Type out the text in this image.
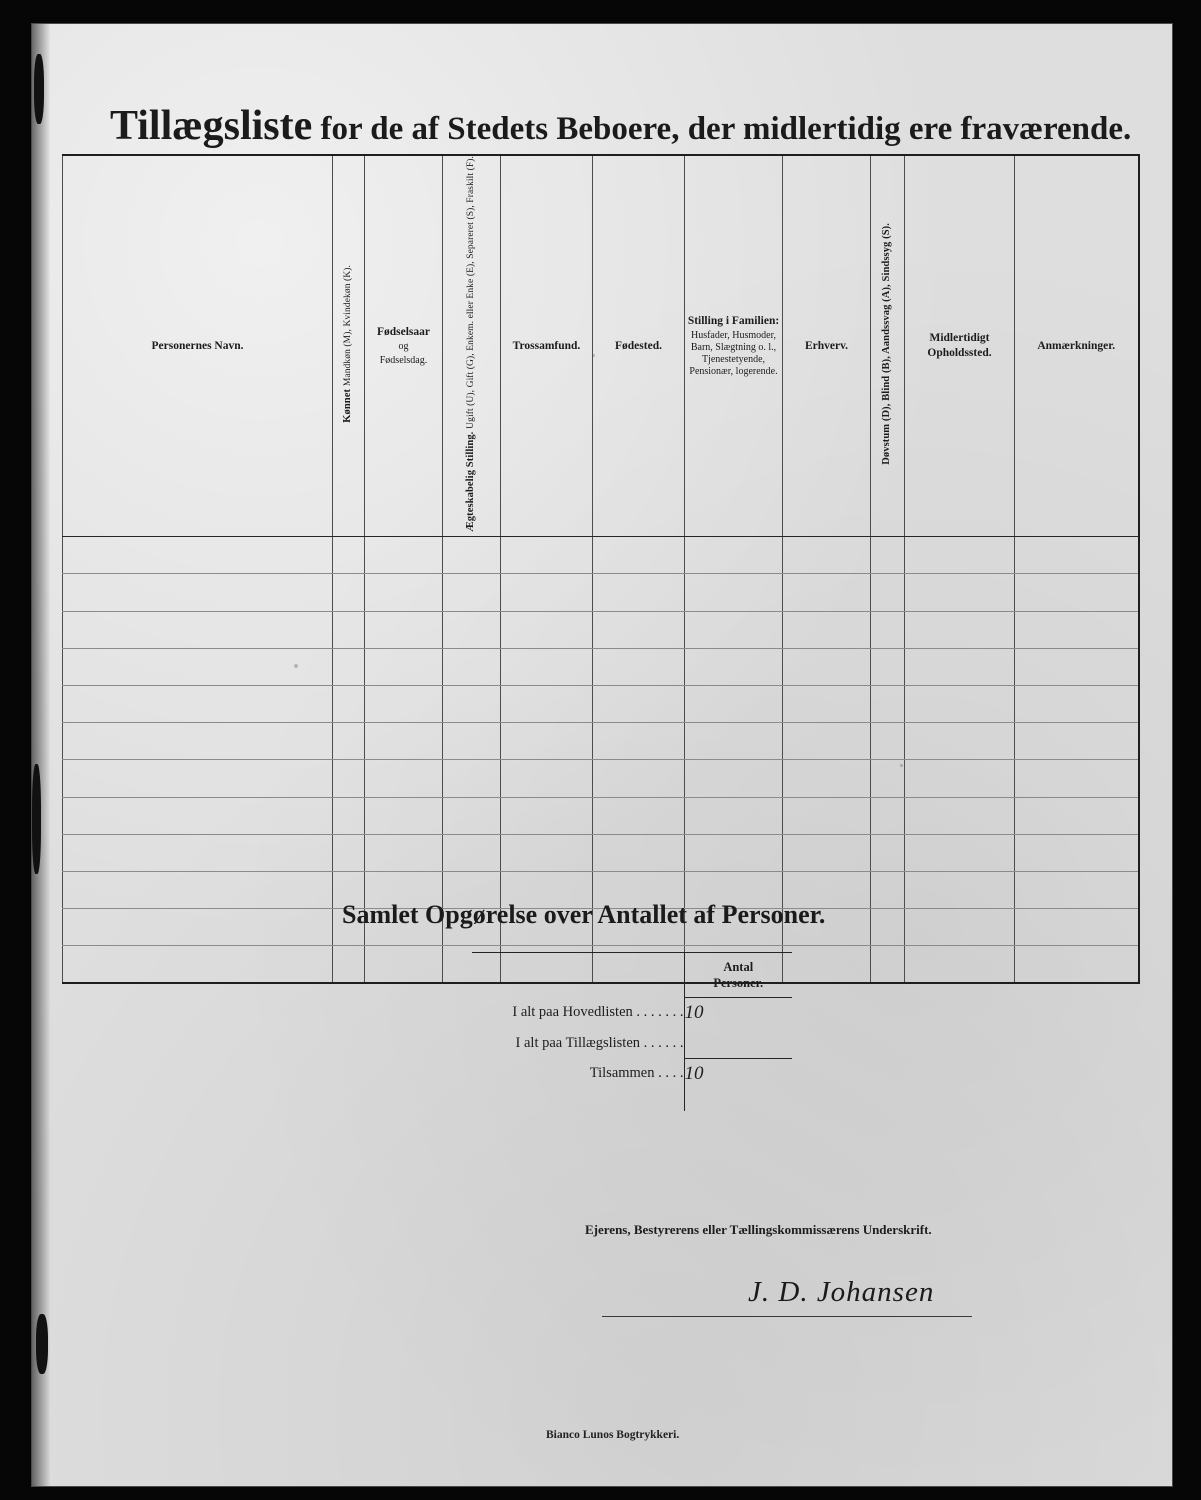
Tillægsliste for de af Stedets Beboere, der midlertidig ere fraværende.
Personernes Navn.	Kønnet Mandkøn (M), Kvindekøn (K).	Fødselsaar
og
Fødselsdag.	Ægteskabelig Stilling. Ugift (U), Gift (G), Enkem. eller Enke (E), Separeret (S), Fraskilt (F).	Trossamfund.	Fødested.	Stilling i Familien:
Husfader, Husmoder, Barn, Slægtning o. l., Tjenestetyende, Pensionær, logerende.	Erhverv.	Døvstum (D), Blind (B), Aandssvag (A), Sindssyg (S).	Midlertidigt
Opholdssted.	Anmærkninger.

Samlet Opgørelse over Antallet af Personer.
	Antal
Personer.
I alt paa Hovedlisten . . . . . . .	10
I alt paa Tillægslisten . . . . . .	
Tilsammen . . . .	10

Ejerens, Bestyrerens eller Tællingskommissærens Underskrift.
J. D. Johansen
Bianco Lunos Bogtrykkeri.
